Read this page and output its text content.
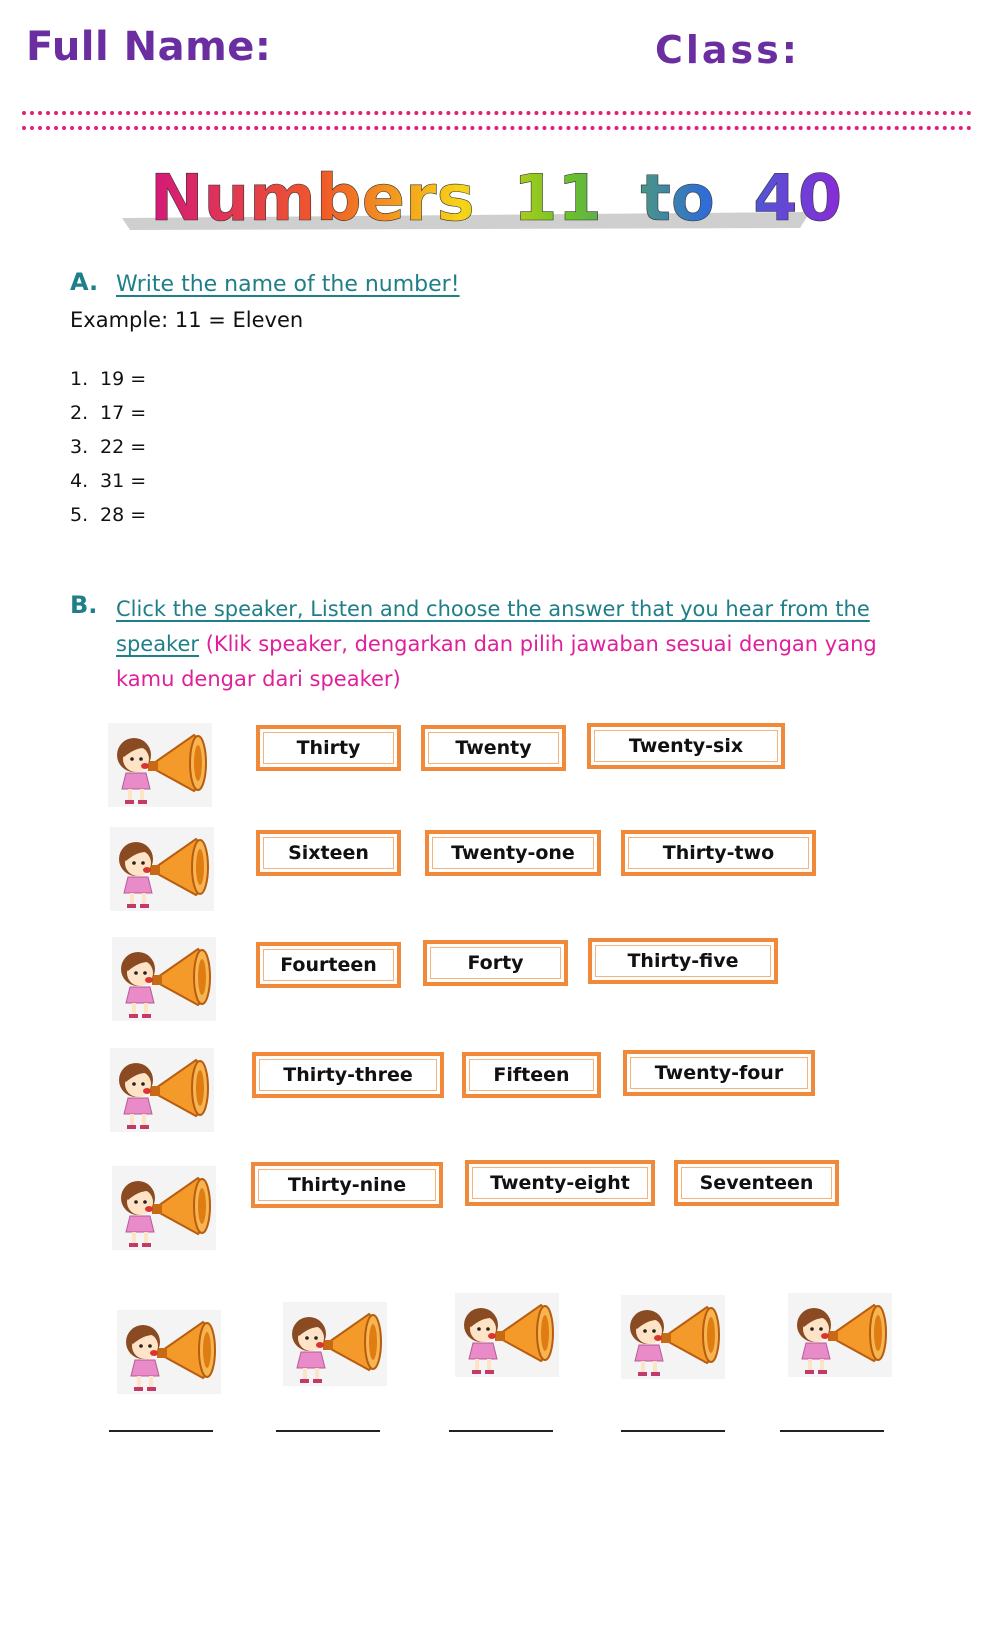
Full Name:	Class:
Numbers 11 to 40
A. Write the name of the number!
Example: 11 = Eleven
1. 19 =
2. 17 =
3. 22 =
4. 31 =
5. 28 =
B. Click the speaker, Listen and choose the answer that you hear from the speaker (Klik speaker, dengarkan dan pilih jawaban sesuai dengan yang kamu dengar dari speaker)
Thirty	Twenty	Twenty-six
Sixteen	Twenty-one	Thirty-two
Fourteen	Forty	Thirty-five
Thirty-three	Fifteen	Twenty-four
Thirty-nine	Twenty-eight	Seventeen
